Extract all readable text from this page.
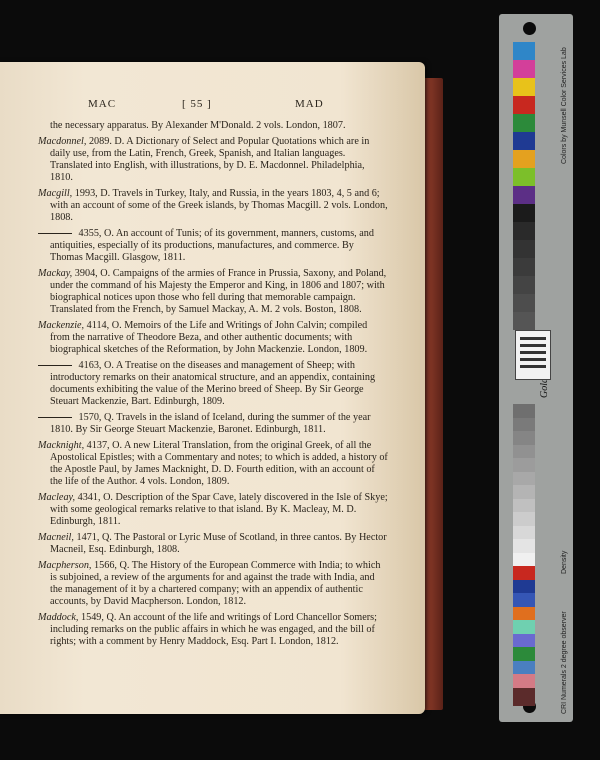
MAC	[ 55 ]	MAD
the necessary apparatus. By Alexander M'Donald. 2 vols. London, 1807.
Macdonnel, 2089. D. A Dictionary of Select and Popular Quotations which are in daily use, from the Latin, French, Greek, Spanish, and Italian languages. Translated into English, with illustrations, by D. E. Macdonnel. Philadelphia, 1810.
Macgill, 1993, D. Travels in Turkey, Italy, and Russia, in the years 1803, 4, 5 and 6; with an account of some of the Greek islands, by Thomas Macgill. 2 vols. London, 1808.
4355, O. An account of Tunis; of its government, manners, customs, and antiquities, especially of its productions, manufactures, and commerce. By Thomas Macgill. Glasgow, 1811.
Mackay, 3904, O. Campaigns of the armies of France in Prussia, Saxony, and Poland, under the command of his Majesty the Emperor and King, in 1806 and 1807; with biographical notices upon those who fell during that memorable campaign. Translated from the French, by Samuel Mackay, A. M. 2 vols. Boston, 1808.
Mackenzie, 4114, O. Memoirs of the Life and Writings of John Calvin; compiled from the narrative of Theodore Beza, and other authentic documents; with biographical sketches of the Reformation, by John Mackenzie. London, 1809.
4163, O. A Treatise on the diseases and management of Sheep; with introductory remarks on their anatomical structure, and an appendix, containing documents exhibiting the value of the Merino breed of Sheep. By Sir George Steuart Mackenzie, Bart. Edinburgh, 1809.
1570, Q. Travels in the island of Iceland, during the summer of the year 1810. By Sir George Steuart Mackenzie, Baronet. Edinburgh, 1811.
Macknight, 4137, O. A new Literal Translation, from the original Greek, of all the Apostolical Epistles; with a Commentary and notes; to which is added, a history of the Apostle Paul, by James Macknight, D. D. Fourth edition, with an account of the life of the Author. 4 vols. London, 1809.
Macleay, 4341, O. Description of the Spar Cave, lately discovered in the Isle of Skye; with some geological remarks relative to that island. By K. Macleay, M. D. Edinburgh, 1811.
Macneil, 1471, Q. The Pastoral or Lyric Muse of Scotland, in three cantos. By Hector Macneil, Esq. Edinburgh, 1808.
Macpherson, 1566, Q. The History of the European Commerce with India; to which is subjoined, a review of the arguments for and against the trade with India, and the management of it by a chartered company; with an appendix of authentic accounts, by David Macpherson. London, 1812.
Maddock, 1549, Q. An account of the life and writings of Lord Chancellor Somers; including remarks on the public affairs in which he was engaged, and the bill of rights; with a comment by Henry Maddock, Esq. Part I. London, 1812.
Colors by Munsell Color Services Lab
Density
CRI Numerals 2 degree observer
Golden
